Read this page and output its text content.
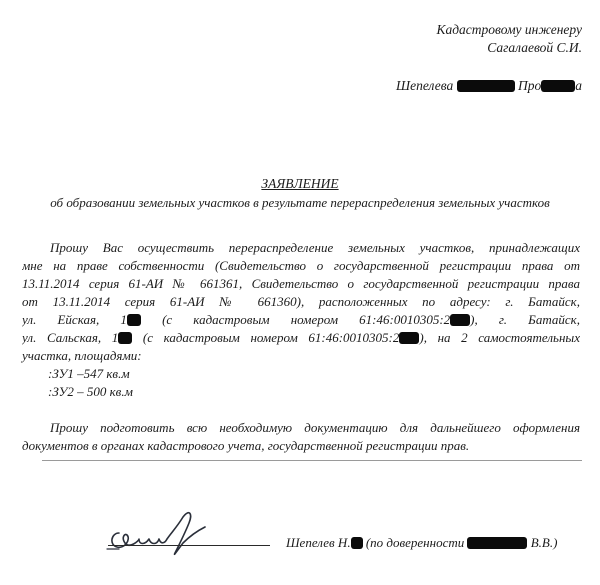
Кадастровому инженеру
Сагалаевой С.И.
Шепелева	Про	а
ЗАЯВЛЕНИЕ
об образовании земельных участков в результате перераспределения земельных участков
Прошу Вас осуществить перераспределение земельных участков, принадлежащих
мне на праве собственности (Свидетельство о государственной регистрации права от
13.11.2014 серия 61-АИ № 661361, Свидетельство о государственной регистрации права
от 13.11.2014 серия 61-АИ № 661360), расположенных по адресу: г. Батайск,
ул. Ейская, 1	(с кадастровым номером 61:46:0010305:2 ), г. Батайск,
ул. Сальская, 1 (с кадастровым номером 61:46:0010305:2 ), на 2 самостоятельных
участка, площадями:
:ЗУ1 –547 кв.м
:ЗУ2 – 500 кв.м
Прошу подготовить всю необходимую документацию для дальнейшего оформления
документов в органах кадастрового учета, государственной регистрации прав.
Шепелев Н. (по доверенности	В.В.)
